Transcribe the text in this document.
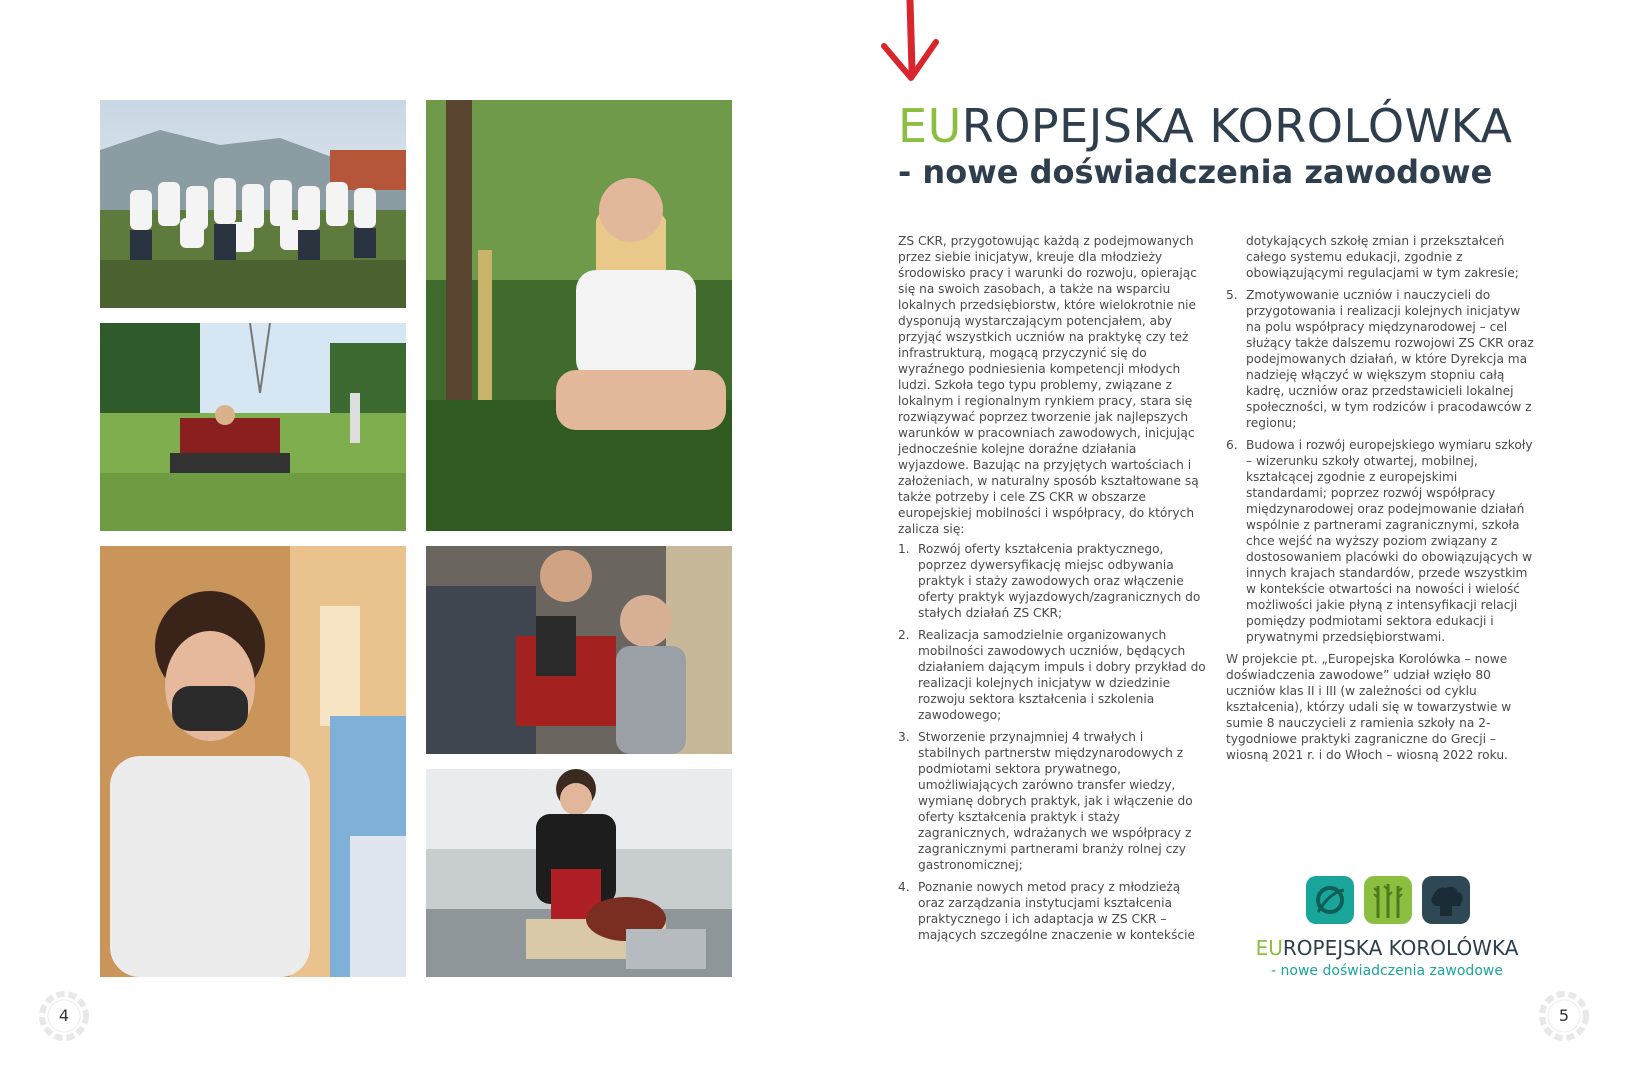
EUROPEJSKA KOROLÓWKA
- nowe doświadczenia zawodowe

ZS CKR, przygotowując każdą z podejmowanych przez siebie inicjatyw, kreuje dla młodzieży środowisko pracy i warunki do rozwoju, opierając się na swoich zasobach, a także na wsparciu lokalnych przedsiębiorstw, które wielokrotnie nie dysponują wystarczającym potencjałem, aby przyjąć wszystkich uczniów na praktykę czy też infrastrukturą, mogącą przyczynić się do wyraźnego podniesienia kompetencji młodych ludzi. Szkoła tego typu problemy, związane z lokalnym i regionalnym rynkiem pracy, stara się rozwiązywać poprzez tworzenie jak najlepszych warunków w pracowniach zawodowych, inicjując jednocześnie kolejne doraźne działania wyjazdowe. Bazując na przyjętych wartościach i założeniach, w naturalny sposób kształtowane są także potrzeby i cele ZS CKR w obszarze europejskiej mobilności i współpracy, do których zalicza się:

1. Rozwój oferty kształcenia praktycznego, poprzez dywersyfikację miejsc odbywania praktyk i staży zawodowych oraz włączenie oferty praktyk wyjazdowych/zagranicznych do stałych działań ZS CKR;
2. Realizacja samodzielnie organizowanych mobilności zawodowych uczniów, będących działaniem dającym impuls i dobry przykład do realizacji kolejnych inicjatyw w dziedzinie rozwoju sektora kształcenia i szkolenia zawodowego;
3. Stworzenie przynajmniej 4 trwałych i stabilnych partnerstw międzynarodowych z podmiotami sektora prywatnego, umożliwiających zarówno transfer wiedzy, wymianę dobrych praktyk, jak i włączenie do oferty kształcenia praktyk i staży zagranicznych, wdrażanych we współpracy z zagranicznymi partnerami branży rolnej czy gastronomicznej;
4. Poznanie nowych metod pracy z młodzieżą oraz zarządzania instytucjami kształcenia praktycznego i ich adaptacja w ZS CKR – mających szczególne znaczenie w kontekście
dotykających szkołę zmian i przekształceń całego systemu edukacji, zgodnie z obowiązującymi regulacjami w tym zakresie;
5. Zmotywowanie uczniów i nauczycieli do przygotowania i realizacji kolejnych inicjatyw na polu współpracy międzynarodowej – cel służący także dalszemu rozwojowi ZS CKR oraz podejmowanych działań, w które Dyrekcja ma nadzieję włączyć w większym stopniu całą kadrę, uczniów oraz przedstawicieli lokalnej społeczności, w tym rodziców i pracodawców z regionu;
6. Budowa i rozwój europejskiego wymiaru szkoły – wizerunku szkoły otwartej, mobilnej, kształcącej zgodnie z europejskimi standardami; poprzez rozwój współpracy międzynarodowej oraz podejmowanie działań wspólnie z partnerami zagranicznymi, szkoła chce wejść na wyższy poziom związany z dostosowaniem placówki do obowiązujących w innych krajach standardów, przede wszystkim w kontekście otwartości na nowości i wielość możliwości jakie płyną z intensyfikacji relacji pomiędzy podmiotami sektora edukacji i prywatnymi przedsiębiorstwami.

W projekcie pt. „Europejska Korolówka – nowe doświadczenia zawodowe” udział wzięło 80 uczniów klas II i III (w zależności od cyklu kształcenia), którzy udali się w towarzystwie w sumie 8 nauczycieli z ramienia szkoły na 2-tygodniowe praktyki zagraniczne do Grecji – wiosną 2021 r. i do Włoch – wiosną 2022 roku.

EUROPEJSKA KOROLÓWKA
- nowe doświadczenia zawodowe
4	5
